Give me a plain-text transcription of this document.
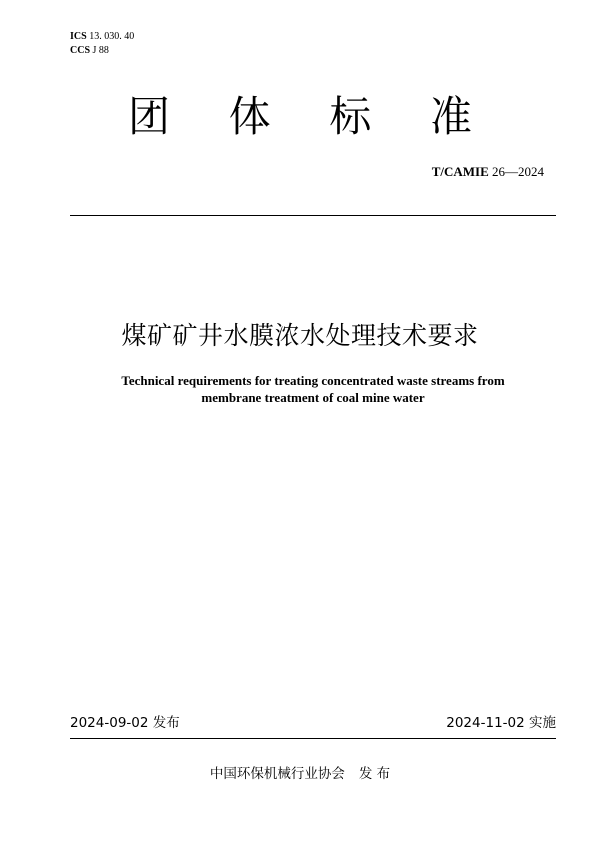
ICS 13. 030. 40
CCS J 88
团 体 标 准
T/CAMIE 26—2024
煤矿矿井水膜浓水处理技术要求
Technical requirements for treating concentrated waste streams from
membrane treatment of coal mine water
2024-09-02 发布	2024-11-02 实施
中国环保机械行业协会 发 布
